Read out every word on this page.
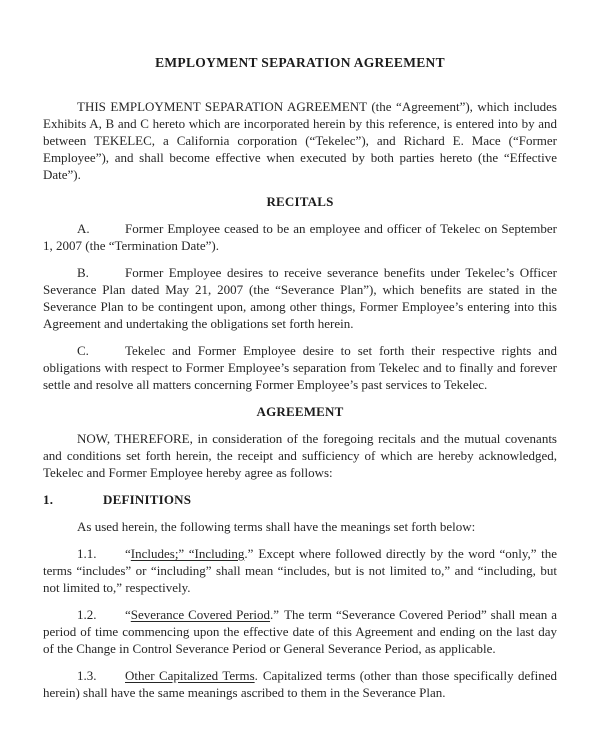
EMPLOYMENT SEPARATION AGREEMENT

THIS EMPLOYMENT SEPARATION AGREEMENT (the “Agreement”), which includes Exhibits A, B and C hereto which are incorporated herein by this reference, is entered into by and between TEKELEC, a California corporation (“Tekelec”), and Richard E. Mace (“Former Employee”), and shall become effective when executed by both parties hereto (the “Effective Date”).

RECITALS

A.	Former Employee ceased to be an employee and officer of Tekelec on September 1, 2007 (the “Termination Date”).

B.	Former Employee desires to receive severance benefits under Tekelec’s Officer Severance Plan dated May 21, 2007 (the “Severance Plan”), which benefits are stated in the Severance Plan to be contingent upon, among other things, Former Employee’s entering into this Agreement and undertaking the obligations set forth herein.

C.	Tekelec and Former Employee desire to set forth their respective rights and obligations with respect to Former Employee’s separation from Tekelec and to finally and forever settle and resolve all matters concerning Former Employee’s past services to Tekelec.

AGREEMENT

NOW, THEREFORE, in consideration of the foregoing recitals and the mutual covenants and conditions set forth herein, the receipt and sufficiency of which are hereby acknowledged, Tekelec and Former Employee hereby agree as follows:

1.	DEFINITIONS

As used herein, the following terms shall have the meanings set forth below:

1.1. “Includes;” “Including.” Except where followed directly by the word “only,” the terms “includes” or “including” shall mean “includes, but is not limited to,” and “including, but not limited to,” respectively.

1.2. “Severance Covered Period.” The term “Severance Covered Period” shall mean a period of time commencing upon the effective date of this Agreement and ending on the last day of the Change in Control Severance Period or General Severance Period, as applicable.

1.3. Other Capitalized Terms. Capitalized terms (other than those specifically defined herein) shall have the same meanings ascribed to them in the Severance Plan.
